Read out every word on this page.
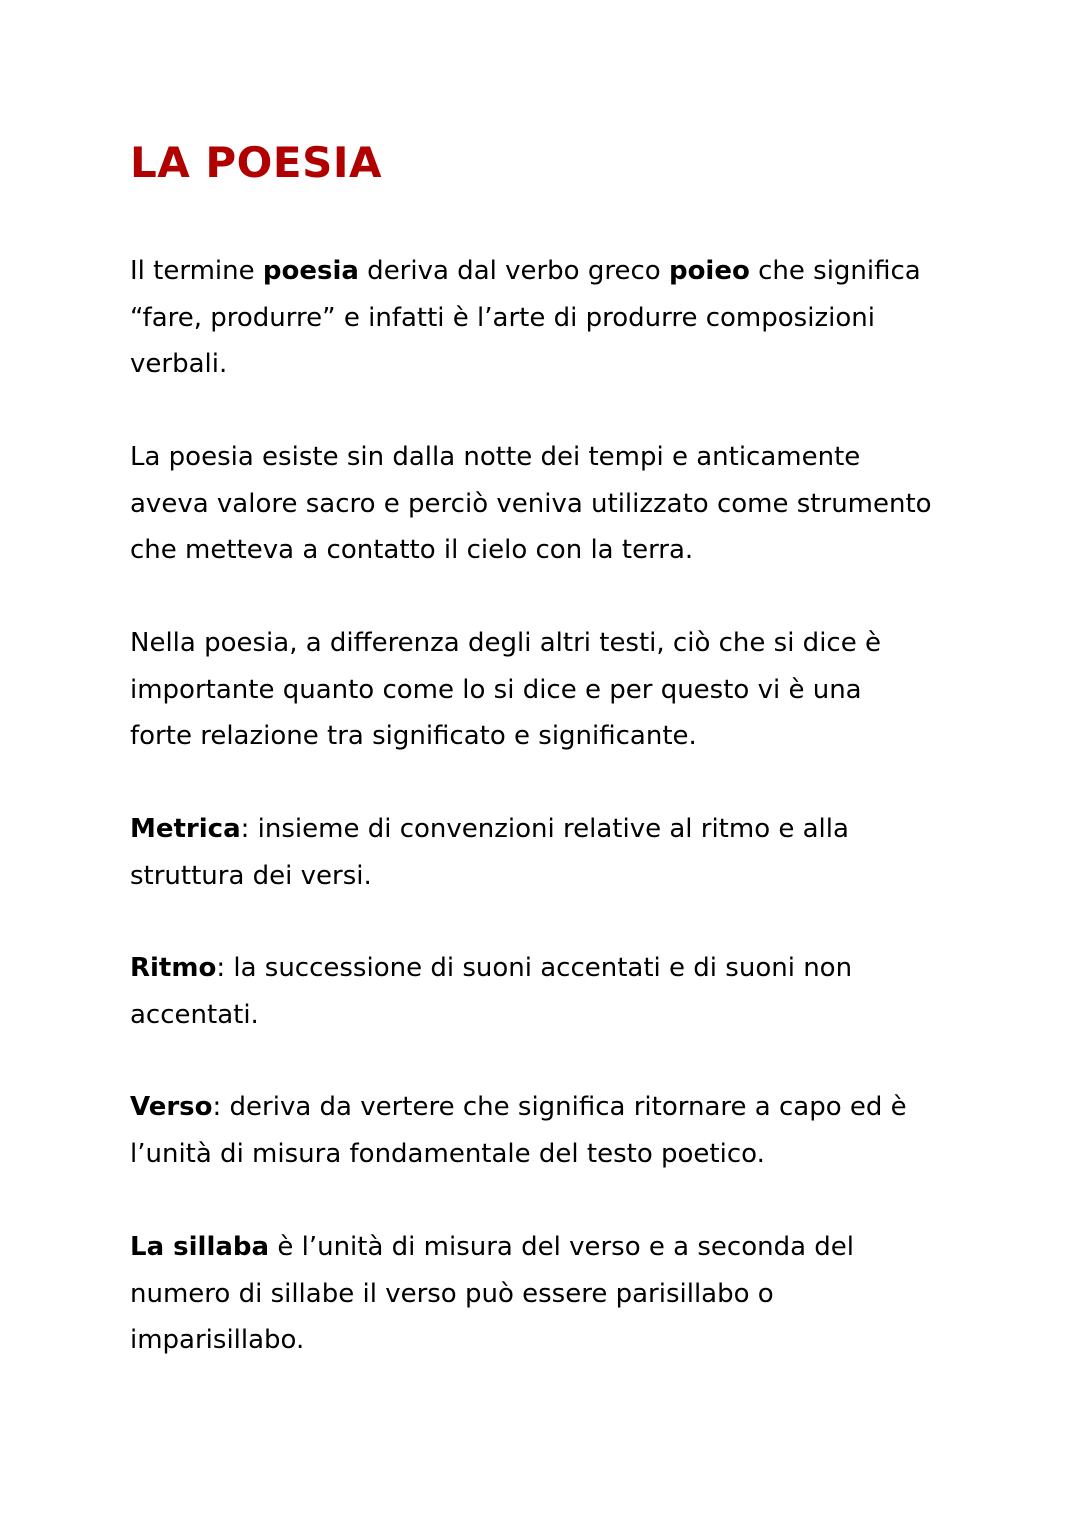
LA POESIA

Il termine poesia deriva dal verbo greco poieo che significa
“fare, produrre” e infatti è l’arte di produrre composizioni
verbali.

La poesia esiste sin dalla notte dei tempi e anticamente
aveva valore sacro e perciò veniva utilizzato come strumento
che metteva a contatto il cielo con la terra.

Nella poesia, a differenza degli altri testi, ciò che si dice è
importante quanto come lo si dice e per questo vi è una
forte relazione tra significato e significante.

Metrica: insieme di convenzioni relative al ritmo e alla
struttura dei versi.

Ritmo: la successione di suoni accentati e di suoni non
accentati.

Verso: deriva da vertere che significa ritornare a capo ed è
l’unità di misura fondamentale del testo poetico.

La sillaba è l’unità di misura del verso e a seconda del
numero di sillabe il verso può essere parisillabo o
imparisillabo.
